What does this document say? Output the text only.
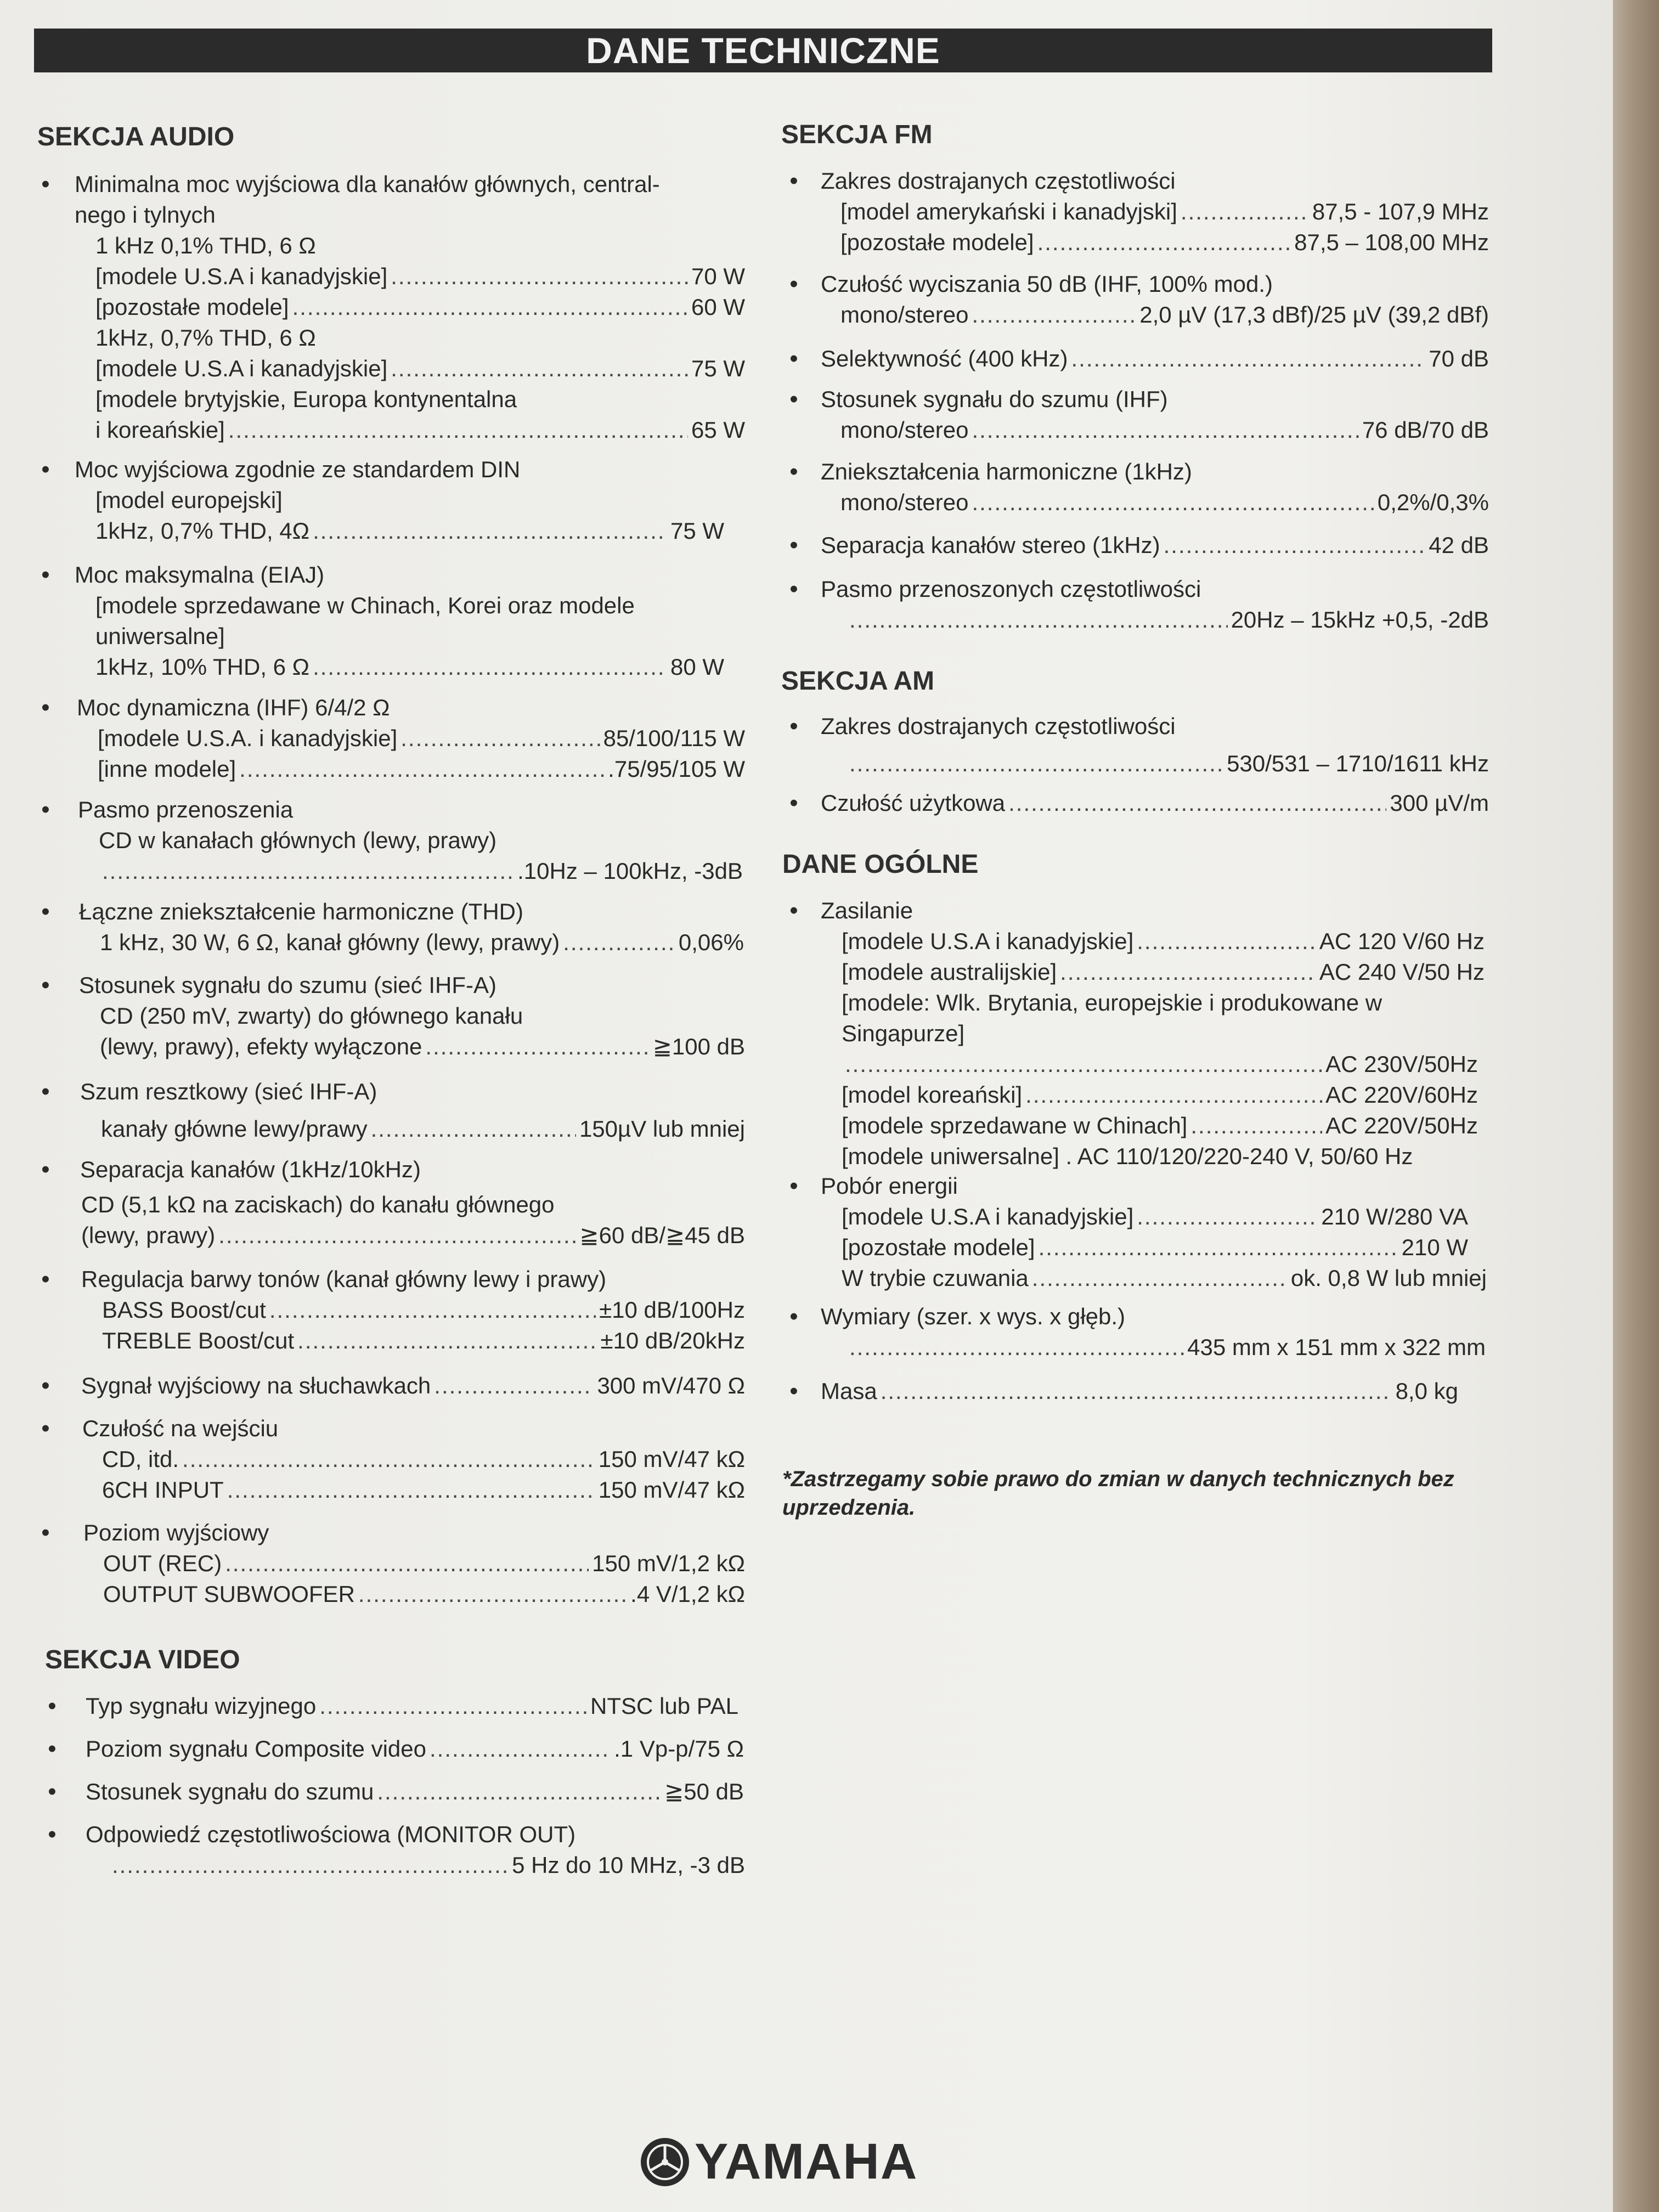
DANE TECHNICZNE
SEKCJA AUDIO
• Minimalna moc wyjściowa dla kanałów głównych, central-
nego i tylnych
1 kHz 0,1% THD, 6 Ω
[modele U.S.A i kanadyjskie] .....	70 W
[pozostałe modele] .....	60 W
1kHz, 0,7% THD, 6 Ω
[modele U.S.A i kanadyjskie] .....	75 W
[modele brytyjskie, Europa kontynentalna
i koreańskie] .....	65 W
• Moc wyjściowa zgodnie ze standardem DIN
[model europejski]
1kHz, 0,7% THD, 4Ω .....	75 W
• Moc maksymalna (EIAJ)
[modele sprzedawane w Chinach, Korei oraz modele
uniwersalne]
1kHz, 10% THD, 6 Ω .....	80 W
• Moc dynamiczna (IHF) 6/4/2 Ω
[modele U.S.A. i kanadyjskie] .....	85/100/115 W
[inne modele] .....	.75/95/105 W
• Pasmo przenoszenia
CD w kanałach głównych (lewy, prawy)
.....
.10Hz – 100kHz, -3dB
• Łączne zniekształcenie harmoniczne (THD)
1 kHz, 30 W, 6 Ω, kanał główny (lewy, prawy) .....	0,06%
• Stosunek sygnału do szumu (sieć IHF-A)
CD (250 mV, zwarty) do głównego kanału
(lewy, prawy), efekty wyłączone .....	≧100 dB
• Szum resztkowy (sieć IHF-A)
kanały główne lewy/prawy .....	150µV lub mniej
• Separacja kanałów (1kHz/10kHz)
CD (5,1 kΩ na zaciskach) do kanału głównego
(lewy, prawy) .....	≧60 dB/≧45 dB
• Regulacja barwy tonów (kanał główny lewy i prawy)
BASS Boost/cut .....	±10 dB/100Hz
TREBLE Boost/cut .....	±10 dB/20kHz
• Sygnał wyjściowy na słuchawkach .....	300 mV/470 Ω
• Czułość na wejściu
CD, itd. .....	150 mV/47 kΩ
6CH INPUT .....	150 mV/47 kΩ
• Poziom wyjściowy
OUT (REC) .....	150 mV/1,2 kΩ
OUTPUT SUBWOOFER .....	.4 V/1,2 kΩ
SEKCJA VIDEO
• Typ sygnału wizyjnego .....	NTSC lub PAL
• Poziom sygnału Composite video .....	.1 Vp-p/75 Ω
• Stosunek sygnału do szumu .....	≧50 dB
• Odpowiedź częstotliwościowa (MONITOR OUT)
.....
5 Hz do 10 MHz, -3 dB
SEKCJA FM
• Zakres dostrajanych częstotliwości
[model amerykański i kanadyjski] .....	87,5 - 107,9 MHz
[pozostałe modele] .....	87,5 – 108,00 MHz
• Czułość wyciszania 50 dB (IHF, 100% mod.)
mono/stereo .....	2,0 µV (17,3 dBf)/25 µV (39,2 dBf)
• Selektywność (400 kHz) .....	70 dB
• Stosunek sygnału do szumu (IHF)
mono/stereo .....	76 dB/70 dB
• Zniekształcenia harmoniczne (1kHz)
mono/stereo .....	0,2%/0,3%
• Separacja kanałów stereo (1kHz) .....	42 dB
• Pasmo przenoszonych częstotliwości
.....
20Hz – 15kHz +0,5, -2dB
SEKCJA AM
• Zakres dostrajanych częstotliwości
.....
530/531 – 1710/1611 kHz
• Czułość użytkowa .....	300 µV/m
DANE OGÓLNE
• Zasilanie
[modele U.S.A i kanadyjskie] .....	AC 120 V/60 Hz
[modele australijskie] .....	AC 240 V/50 Hz
[modele: Wlk. Brytania, europejskie i produkowane w
Singapurze]
.....
AC 230V/50Hz
[model koreański] .....	AC 220V/60Hz
[modele sprzedawane w Chinach] .....	AC 220V/50Hz
[modele uniwersalne] . AC 110/120/220-240 V, 50/60 Hz
• Pobór energii
[modele U.S.A i kanadyjskie] .....	210 W/280 VA
[pozostałe modele] .....	210 W
W trybie czuwania .....	ok. 0,8 W lub mniej
• Wymiary (szer. x wys. x głęb.)
.....
435 mm x 151 mm x 322 mm
• Masa .....	8,0 kg
*Zastrzegamy sobie prawo do zmian w danych technicznych bez uprzedzenia.
YAMAHA
